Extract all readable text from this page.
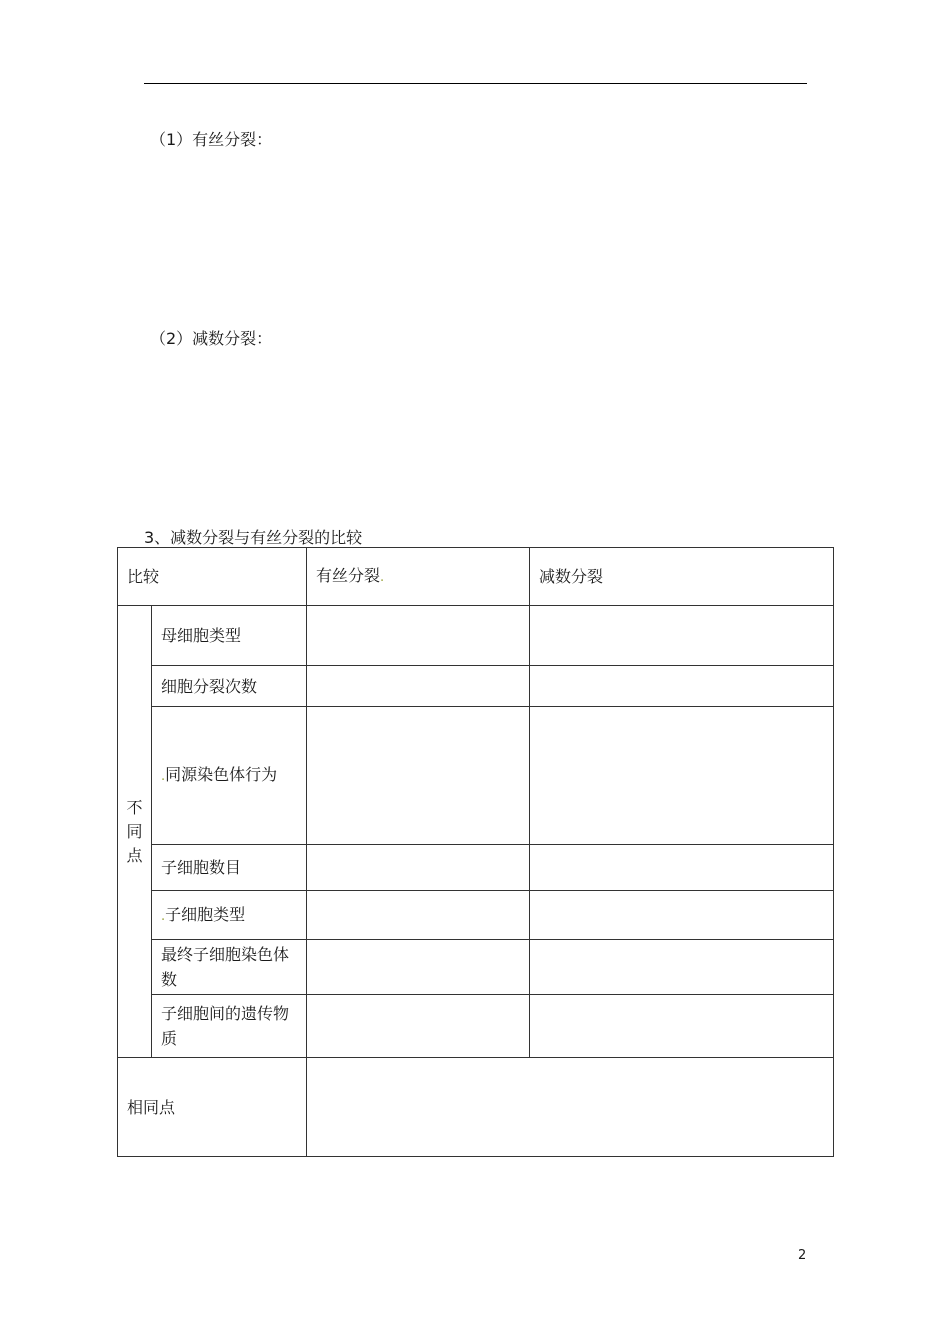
（1）有丝分裂：
（2）减数分裂：
3、减数分裂与有丝分裂的比较
比较		有丝分裂.	减数分裂
不同点	母细胞类型		
	细胞分裂次数		
	.同源染色体行为		
	子细胞数目		
	.子细胞类型		
	最终子细胞染色体数		
	子细胞间的遗传物质		
相同点			
2
